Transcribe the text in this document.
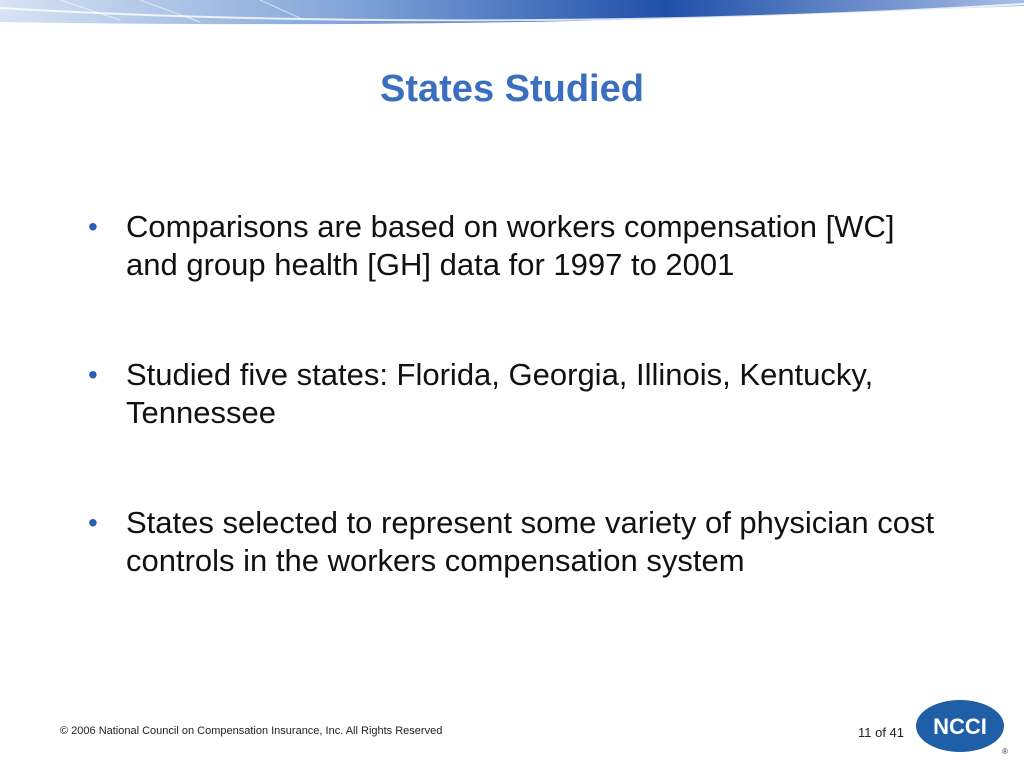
States Studied
• Comparisons are based on workers compensation [WC] and group health [GH] data for 1997 to 2001
• Studied five states: Florida, Georgia, Illinois, Kentucky, Tennessee
• States selected to represent some variety of physician cost controls in the workers compensation system
© 2006 National Council on Compensation Insurance, Inc. All Rights Reserved	11 of 41 NCCI
®
